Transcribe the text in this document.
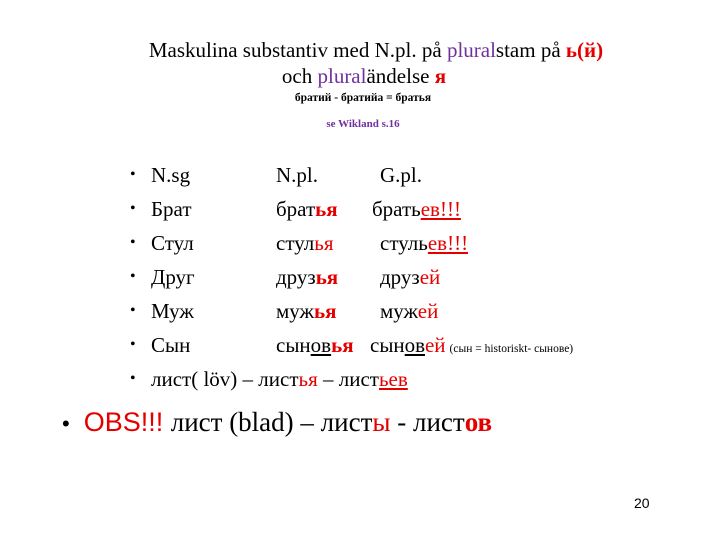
Maskulina substantiv med N.pl. på pluralstam på ь(й)
och pluraländelse я
братий - братийа = братья
se Wikland s.16
• N.sg	N.pl.	G.pl.
• Брат	братья братьев!!!
• Стул	стулья стульев!!!
• Друг	друзья друзей
• Муж	мужья мужей
• Сын	сыновья сыновей (сын = historiskt- сынове)
• лист( löv) – листья – листьев
• OBS!!! лист (blad) – листы - листов
20
